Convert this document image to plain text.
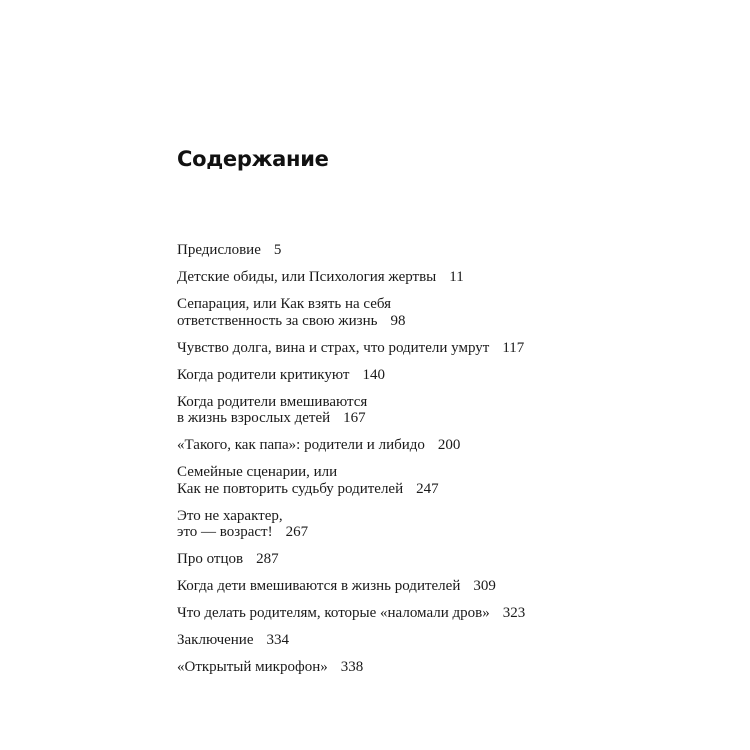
Содержание
Предисловие 5
Детские обиды, или Психология жертвы 11
Сепарация, или Как взять на себя
ответственность за свою жизнь 98
Чувство долга, вина и страх, что родители умрут 117
Когда родители критикуют 140
Когда родители вмешиваются
в жизнь взрослых детей 167
«Такого, как папа»: родители и либидо 200
Семейные сценарии, или
Как не повторить судьбу родителей 247
Это не характер,
это — возраст! 267
Про отцов 287
Когда дети вмешиваются в жизнь родителей 309
Что делать родителям, которые «наломали дров» 323
Заключение 334
«Открытый микрофон» 338
